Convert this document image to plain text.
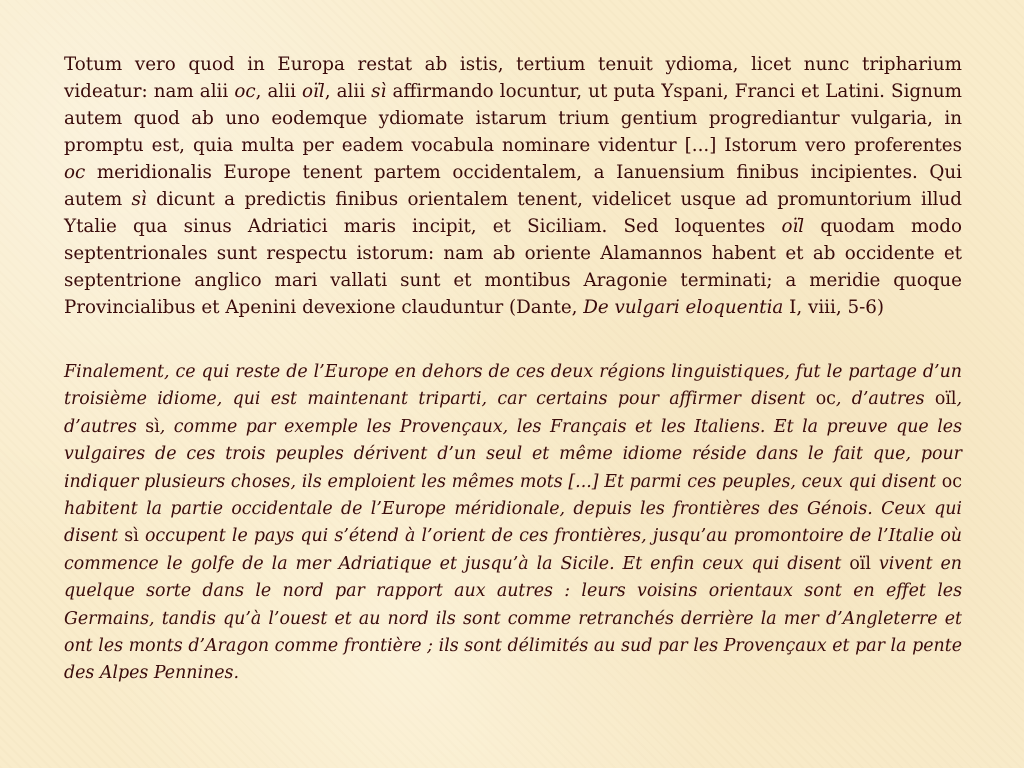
Totum vero quod in Europa restat ab istis, tertium tenuit ydioma, licet nunc tripharium videatur: nam alii oc, alii oïl, alii sì affirmando locuntur, ut puta Yspani, Franci et Latini. Signum autem quod ab uno eodemque ydiomate istarum trium gentium progrediantur vulgaria, in promptu est, quia multa per eadem vocabula nominare videntur [...] Istorum vero proferentes oc meridionalis Europe tenent partem occidentalem, a Ianuensium finibus incipientes. Qui autem sì dicunt a predictis finibus orientalem tenent, videlicet usque ad promuntorium illud Ytalie qua sinus Adriatici maris incipit, et Siciliam. Sed loquentes oïl quodam modo septentrionales sunt respectu istorum: nam ab oriente Alamannos habent et ab occidente et septentrione anglico mari vallati sunt et montibus Aragonie terminati; a meridie quoque Provincialibus et Apenini devexione clauduntur (Dante, De vulgari eloquentia I, viii, 5-6)

Finalement, ce qui reste de l’Europe en dehors de ces deux régions linguistiques, fut le partage d’un troisième idiome, qui est maintenant triparti, car certains pour affirmer disent oc, d’autres oïl, d’autres sì, comme par exemple les Provençaux, les Français et les Italiens. Et la preuve que les vulgaires de ces trois peuples dérivent d’un seul et même idiome réside dans le fait que, pour indiquer plusieurs choses, ils emploient les mêmes mots [...] Et parmi ces peuples, ceux qui disent oc habitent la partie occidentale de l’Europe méridionale, depuis les frontières des Génois. Ceux qui disent sì occupent le pays qui s’étend à l’orient de ces frontières, jusqu’au promontoire de l’Italie où commence le golfe de la mer Adriatique et jusqu’à la Sicile. Et enfin ceux qui disent oïl vivent en quelque sorte dans le nord par rapport aux autres : leurs voisins orientaux sont en effet les Germains, tandis qu’à l’ouest et au nord ils sont comme retranchés derrière la mer d’Angleterre et ont les monts d’Aragon comme frontière ; ils sont délimités au sud par les Provençaux et par la pente des Alpes Pennines.
